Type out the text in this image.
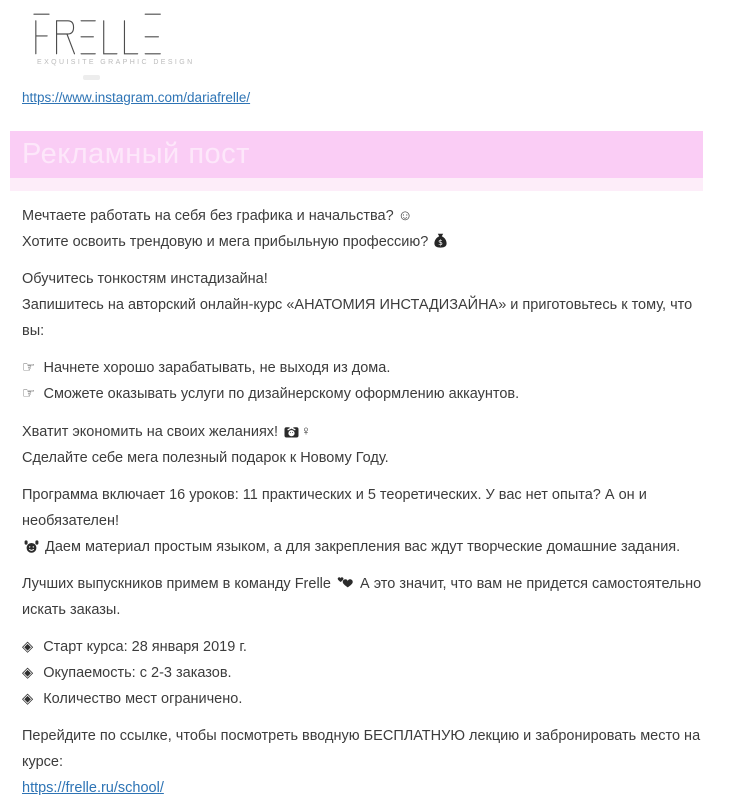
EXQUISITE GRAPHIC DESIGN
https://www.instagram.com/dariafrelle/
Рекламный пост

Мечтаете работать на себя без графика и начальства? ☺
Хотите освоить трендовую и мега прибыльную профессию? $

Обучитесь тонкостям инстадизайна!
Запишитесь на авторский онлайн-курс «АНАТОМИЯ ИНСТАДИЗАЙНА» и приготовьтесь к тому, что вы:

☞ Начнете хорошо зарабатывать, не выходя из дома.
☞ Сможете оказывать услуги по дизайнерскому оформлению аккаунтов.

Хватит экономить на своих желаниях! ♀
Сделайте себе мега полезный подарок к Новому Году.

Программа включает 16 уроков: 11 практических и 5 теоретических. У вас нет опыта? А он и необязателен!
Даем материал простым языком, а для закрепления вас ждут творческие домашние задания.

Лучших выпускников примем в команду Frelle А это значит, что вам не придется самостоятельно искать заказы.

◈ Старт курса: 28 января 2019 г.
◈ Окупаемость: с 2-3 заказов.
◈ Количество мест ограничено.

Перейдите по ссылке, чтобы посмотреть вводную БЕСПЛАТНУЮ лекцию и забронировать место на курсе:
https://frelle.ru/school/
